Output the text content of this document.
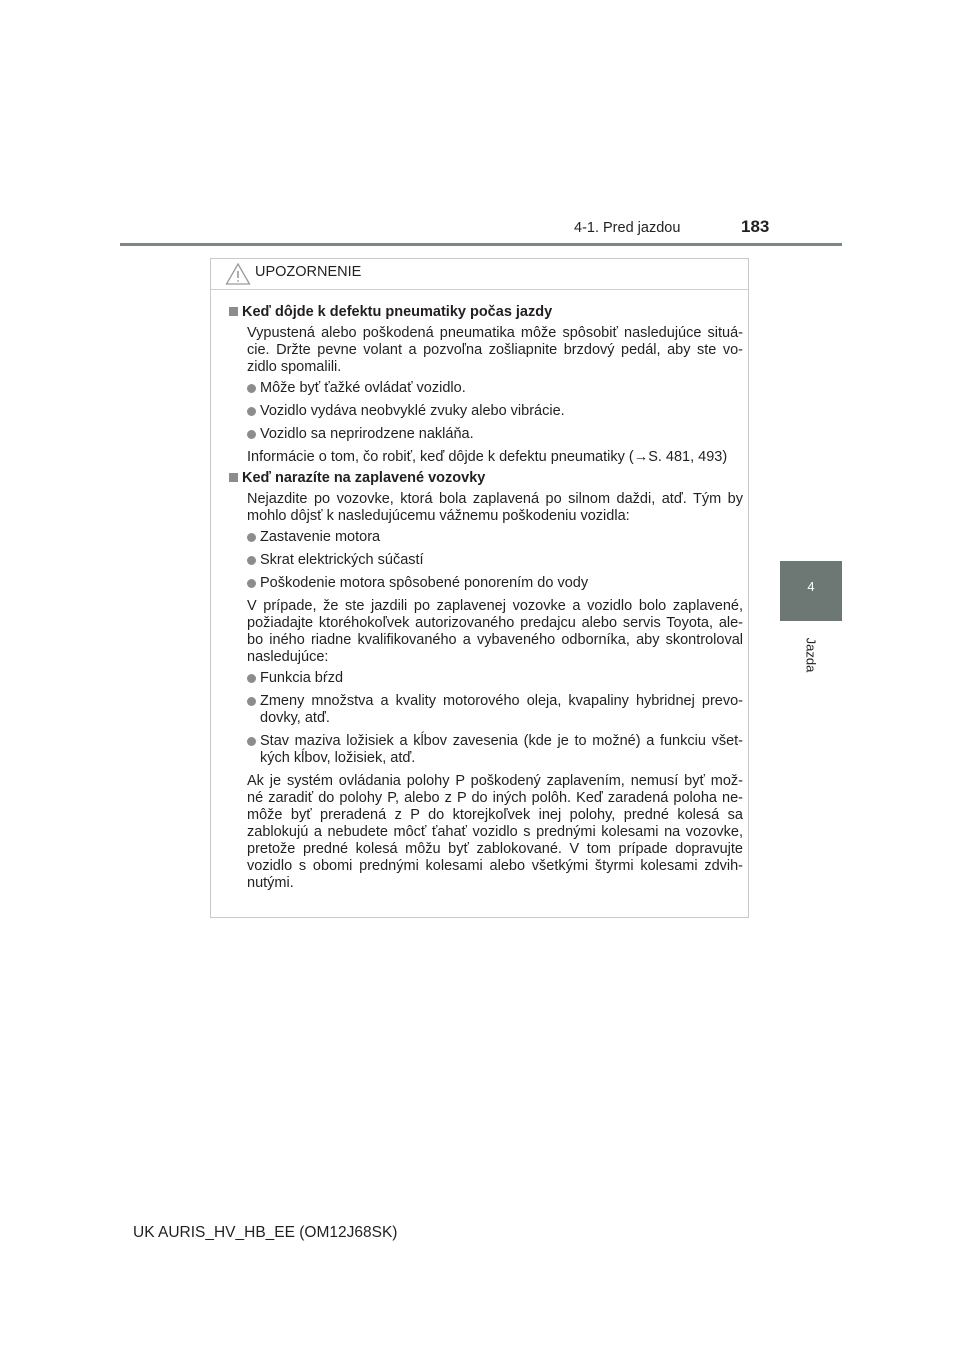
4-1. Pred jazdou	183
4
Jazda
UPOZORNENIE
Keď dôjde k defektu pneumatiky počas jazdy
Vypustená alebo poškodená pneumatika môže spôsobiť nasledujúce situá- cie. Držte pevne volant a pozvoľna zošliapnite brzdový pedál, aby ste vo- zidlo spomalili.
Môže byť ťažké ovládať vozidlo.
Vozidlo vydáva neobvyklé zvuky alebo vibrácie.
Vozidlo sa neprirodzene nakláňa.
Informácie o tom, čo robiť, keď dôjde k defektu pneumatiky (→S. 481, 493)
Keď narazíte na zaplavené vozovky
Nejazdite po vozovke, ktorá bola zaplavená po silnom daždi, atď. Tým by mohlo dôjsť k nasledujúcemu vážnemu poškodeniu vozidla:
Zastavenie motora
Skrat elektrických súčastí
Poškodenie motora spôsobené ponorením do vody
V prípade, že ste jazdili po zaplavenej vozovke a vozidlo bolo zaplavené, požiadajte ktoréhokoľvek autorizovaného predajcu alebo servis Toyota, ale- bo iného riadne kvalifikovaného a vybaveného odborníka, aby skontroloval nasledujúce:
Funkcia bŕzd
Zmeny množstva a kvality motorového oleja, kvapaliny hybridnej prevo- dovky, atď.
Stav maziva ložisiek a kĺbov zavesenia (kde je to možné) a funkciu všet- kých kĺbov, ložisiek, atď.
Ak je systém ovládania polohy P poškodený zaplavením, nemusí byť mož- né zaradiť do polohy P, alebo z P do iných polôh. Keď zaradená poloha ne- môže byť preradená z P do ktorejkoľvek inej polohy, predné kolesá sa zablokujú a nebudete môcť ťahať vozidlo s prednými kolesami na vozovke, pretože predné kolesá môžu byť zablokované. V tom prípade dopravujte vozidlo s obomi prednými kolesami alebo všetkými štyrmi kolesami zdvih- nutými.
UK AURIS_HV_HB_EE (OM12J68SK)
